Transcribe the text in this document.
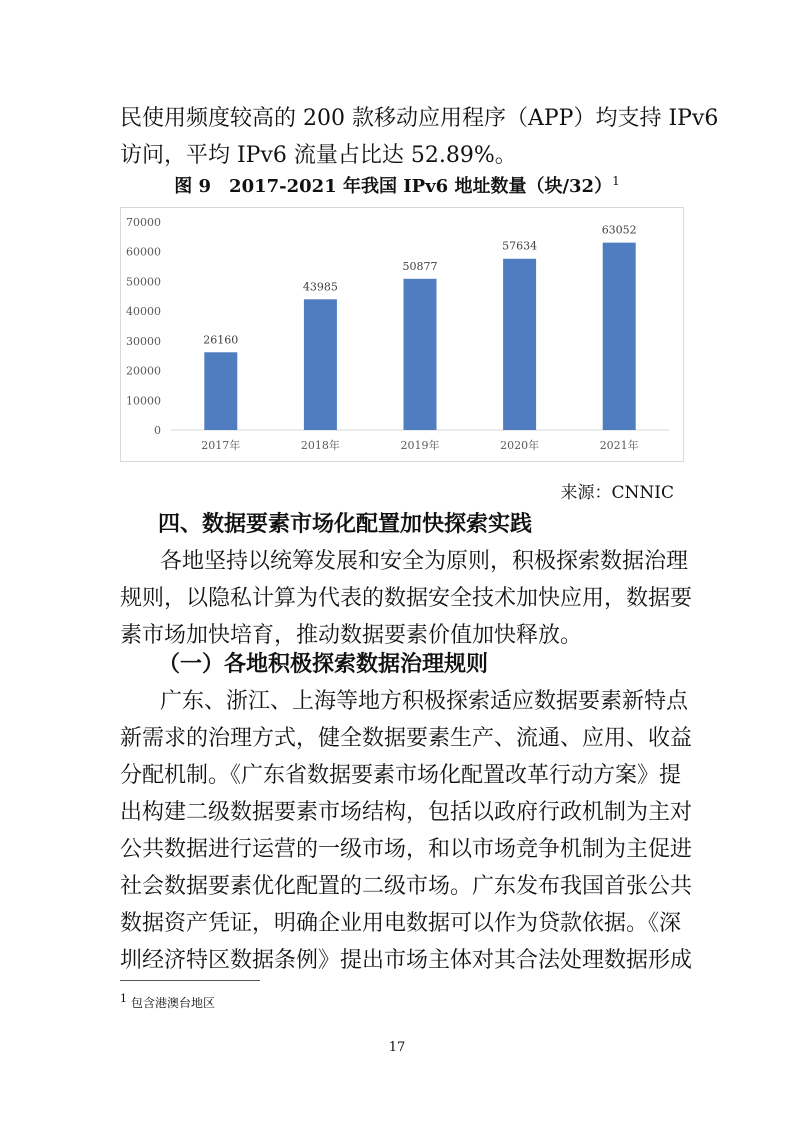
民使用频度较高的 200 款移动应用程序（APP）均支持 IPv6
访问，平均 IPv6 流量占比达 52.89%。

图 9　2017-2021 年我国 IPv6 地址数量（块/32）$^1$

0
10000
20000
30000
40000
50000
60000
70000
26160
2017年
43985
2018年
50877
2019年
57634
2020年
63052
2021年
来源：CNNIC

四、数据要素市场化配置加快探索实践

各地坚持以统筹发展和安全为原则，积极探索数据治理
规则，以隐私计算为代表的数据安全技术加快应用，数据要
素市场加快培育，推动数据要素价值加快释放。

（一）各地积极探索数据治理规则

广东、浙江、上海等地方积极探索适应数据要素新特点
新需求的治理方式，健全数据要素生产、流通、应用、收益
分配机制。《广东省数据要素市场化配置改革行动方案》提
出构建二级数据要素市场结构，包括以政府行政机制为主对
公共数据进行运营的一级市场，和以市场竞争机制为主促进
社会数据要素优化配置的二级市场。广东发布我国首张公共
数据资产凭证，明确企业用电数据可以作为贷款依据。《深
圳经济特区数据条例》提出市场主体对其合法处理数据形成
$^1$ 包含港澳台地区
17
